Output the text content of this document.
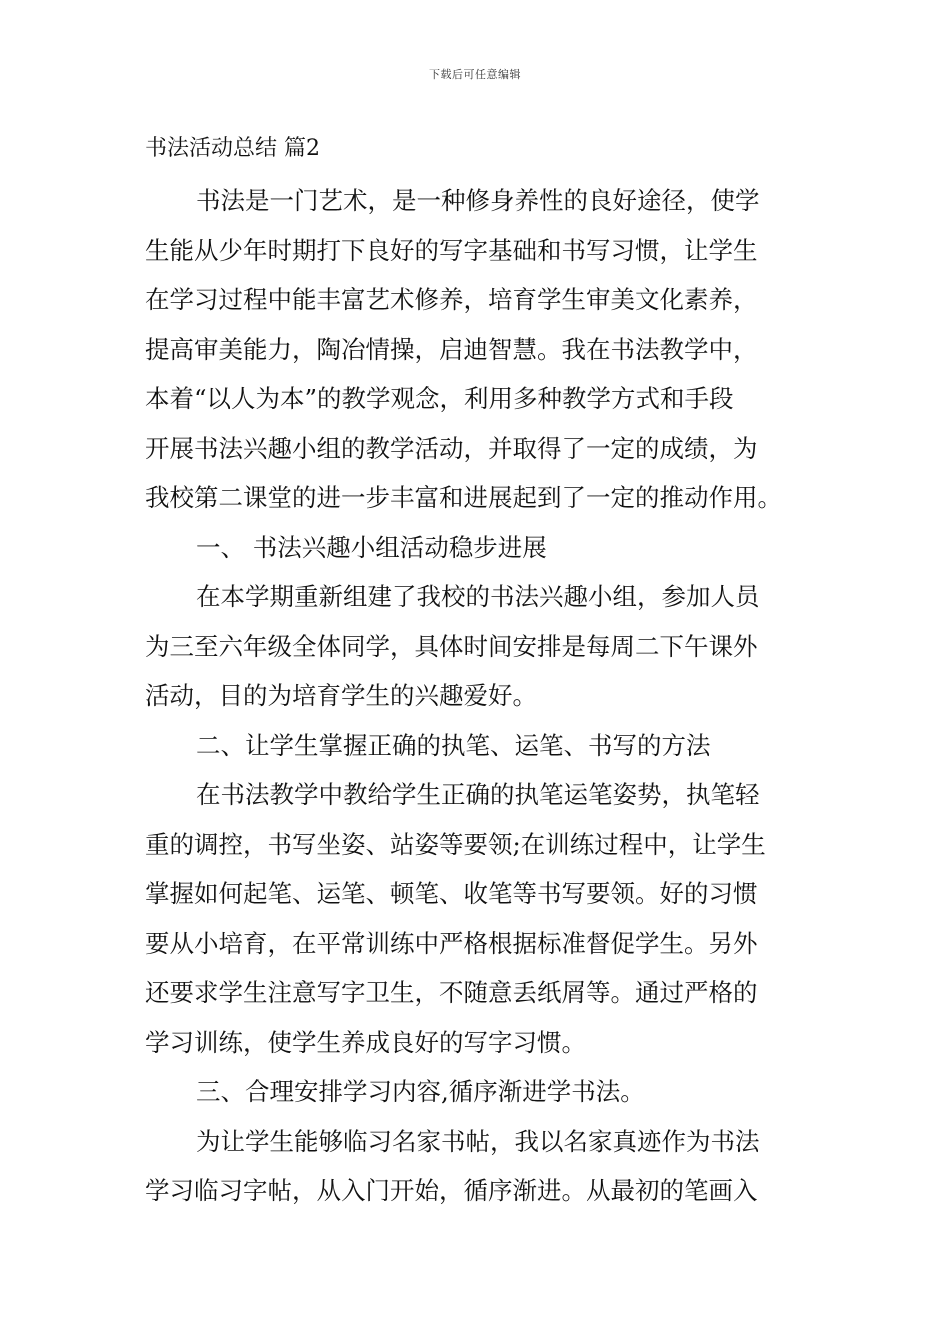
下载后可任意编辑
书法活动总结 篇2
书法是一门艺术，是一种修身养性的良好途径，使学
生能从少年时期打下良好的写字基础和书写习惯，让学生
在学习过程中能丰富艺术修养，培育学生审美文化素养，
提高审美能力，陶冶情操，启迪智慧。我在书法教学中，
本着“以人为本”的教学观念，利用多种教学方式和手段
开展书法兴趣小组的教学活动，并取得了一定的成绩，为
我校第二课堂的进一步丰富和进展起到了一定的推动作用。
一、 书法兴趣小组活动稳步进展
在本学期重新组建了我校的书法兴趣小组，参加人员
为三至六年级全体同学，具体时间安排是每周二下午课外
活动，目的为培育学生的兴趣爱好。
二、让学生掌握正确的执笔、运笔、书写的方法
在书法教学中教给学生正确的执笔运笔姿势，执笔轻
重的调控，书写坐姿、站姿等要领;在训练过程中，让学生
掌握如何起笔、运笔、顿笔、收笔等书写要领。好的习惯
要从小培育，在平常训练中严格根据标准督促学生。另外
还要求学生注意写字卫生，不随意丢纸屑等。通过严格的
学习训练，使学生养成良好的写字习惯。
三、合理安排学习内容,循序渐进学书法。
为让学生能够临习名家书帖，我以名家真迹作为书法
学习临习字帖，从入门开始，循序渐进。从最初的笔画入
